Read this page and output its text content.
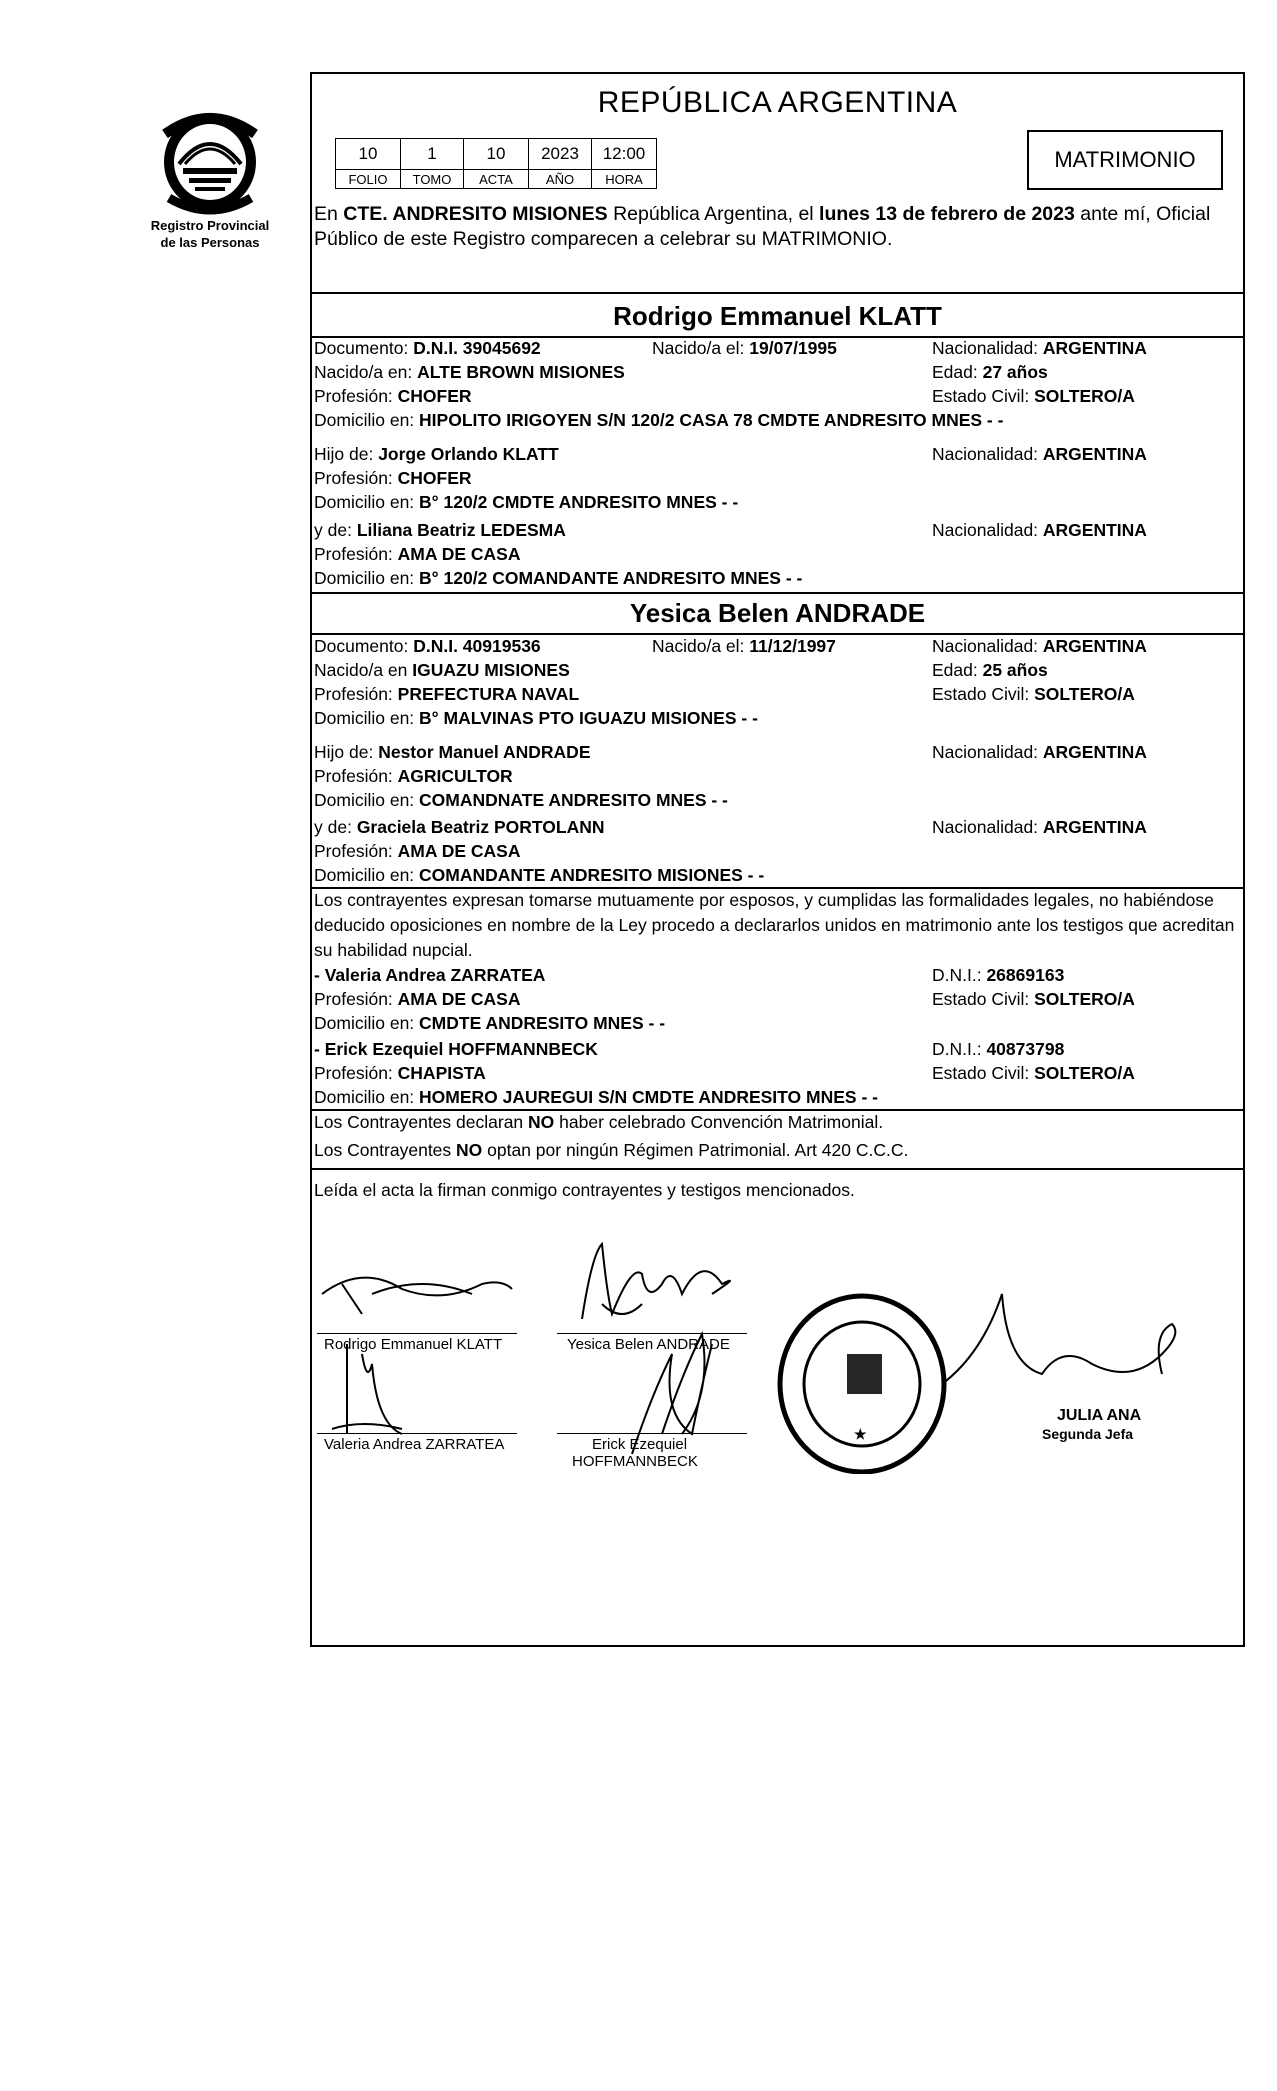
Registro Provincial
de las Personas
REPÚBLICA ARGENTINA
10	1	10	2023	12:00
FOLIO	TOMO	ACTA	AÑO	HORA
MATRIMONIO
En CTE. ANDRESITO MISIONES República Argentina, el lunes 13 de febrero de 2023 ante mí, Oficial Público de este Registro comparecen a celebrar su MATRIMONIO.
Rodrigo Emmanuel KLATT
Documento: D.N.I. 39045692	Nacido/a el: 19/07/1995	Nacionalidad: ARGENTINA
Nacido/a en: ALTE BROWN MISIONES	Edad: 27 años
Profesión: CHOFER	Estado Civil: SOLTERO/A
Domicilio en: HIPOLITO IRIGOYEN S/N 120/2 CASA 78 CMDTE ANDRESITO MNES - -
Hijo de: Jorge Orlando KLATT	Nacionalidad: ARGENTINA
Profesión: CHOFER
Domicilio en: B° 120/2 CMDTE ANDRESITO MNES - -
y de: Liliana Beatriz LEDESMA	Nacionalidad: ARGENTINA
Profesión: AMA DE CASA
Domicilio en: B° 120/2 COMANDANTE ANDRESITO MNES - -
Yesica Belen ANDRADE
Documento: D.N.I. 40919536	Nacido/a el: 11/12/1997	Nacionalidad: ARGENTINA
Nacido/a en IGUAZU MISIONES	Edad: 25 años
Profesión: PREFECTURA NAVAL	Estado Civil: SOLTERO/A
Domicilio en: B° MALVINAS PTO IGUAZU MISIONES - -
Hijo de: Nestor Manuel ANDRADE	Nacionalidad: ARGENTINA
Profesión: AGRICULTOR
Domicilio en: COMANDNATE ANDRESITO MNES - -
y de: Graciela Beatriz PORTOLANN	Nacionalidad: ARGENTINA
Profesión: AMA DE CASA
Domicilio en: COMANDANTE ANDRESITO MISIONES - -
Los contrayentes expresan tomarse mutuamente por esposos, y cumplidas las formalidades legales, no habiéndose deducido oposiciones en nombre de la Ley procedo a declararlos unidos en matrimonio ante los testigos que acreditan su habilidad nupcial.
- Valeria Andrea ZARRATEA	D.N.I.: 26869163
Profesión: AMA DE CASA	Estado Civil: SOLTERO/A
Domicilio en: CMDTE ANDRESITO MNES - -
- Erick Ezequiel HOFFMANNBECK	D.N.I.: 40873798
Profesión: CHAPISTA	Estado Civil: SOLTERO/A
Domicilio en: HOMERO JAUREGUI S/N CMDTE ANDRESITO MNES - -
Los Contrayentes declaran NO haber celebrado Convención Matrimonial.
Los Contrayentes NO optan por ningún Régimen Patrimonial. Art 420 C.C.C.
Leída el acta la firman conmigo contrayentes y testigos mencionados.
★
Rodrigo Emmanuel KLATT	Yesica Belen ANDRADE
Valeria Andrea ZARRATEA	Erick Ezequiel
HOFFMANNBECK
JULIA ANA
Segunda Jefa
